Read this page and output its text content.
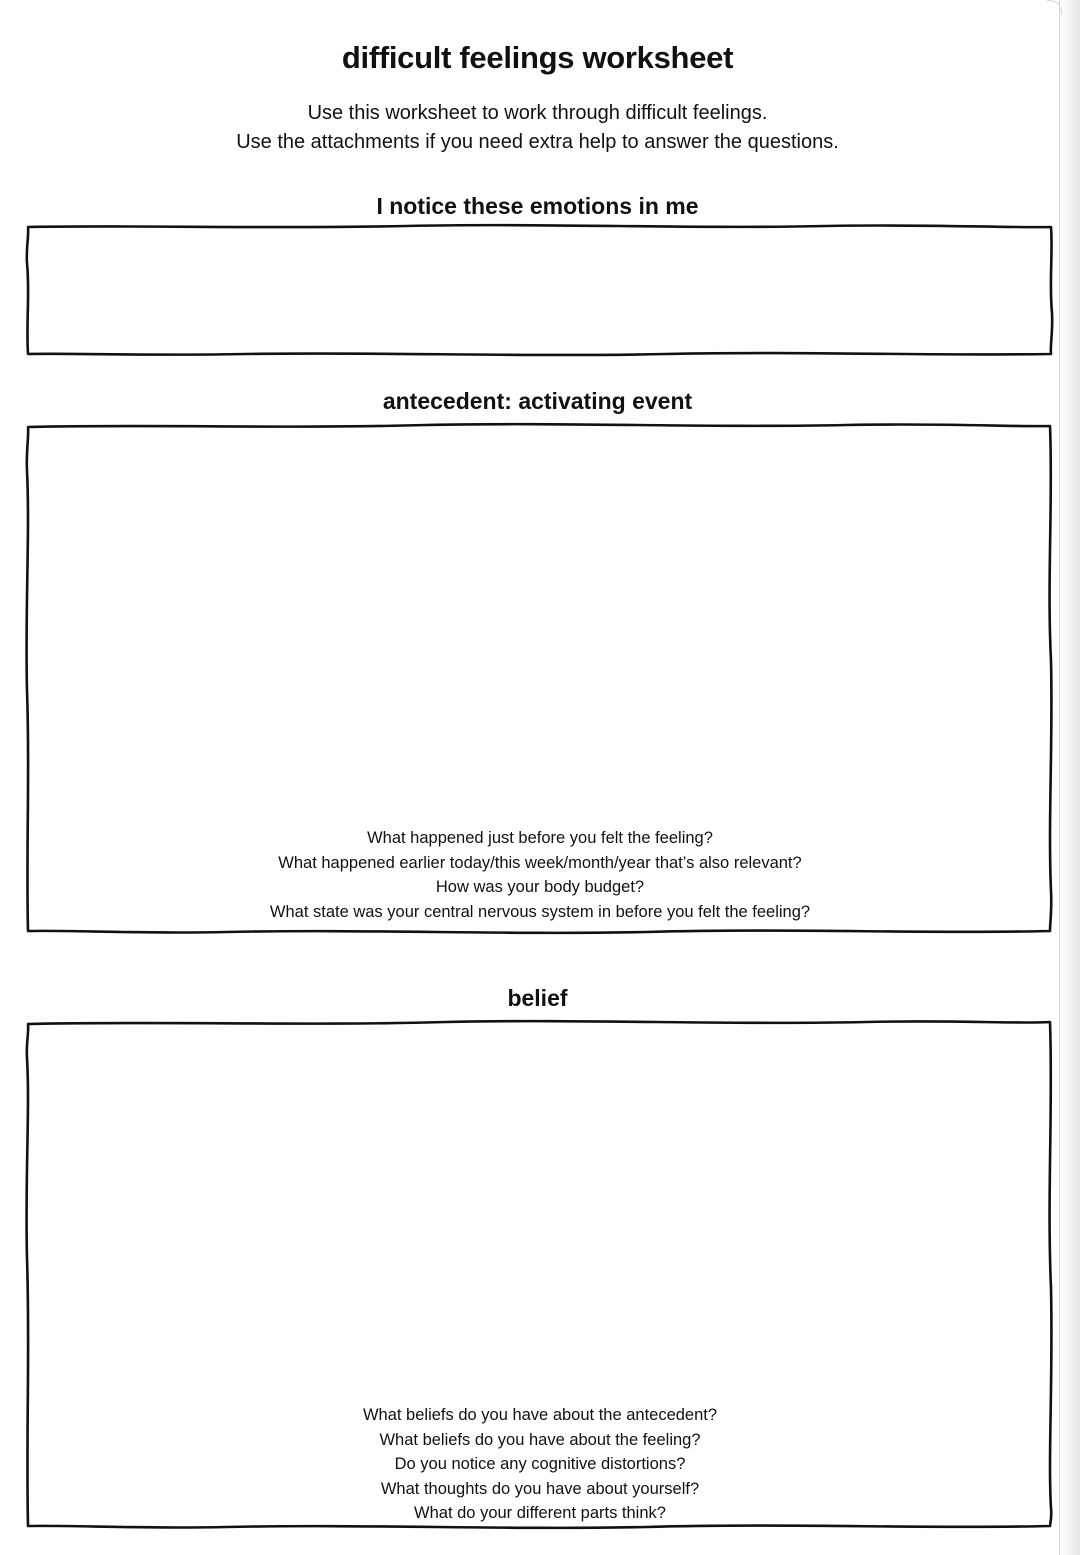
difficult feelings worksheet
Use this worksheet to work through difficult feelings.
Use the attachments if you need extra help to answer the questions.
I notice these emotions in me
antecedent: activating event
What happened just before you felt the feeling?
What happened earlier today/this week/month/year that’s also relevant?
How was your body budget?
What state was your central nervous system in before you felt the feeling?
belief
What beliefs do you have about the antecedent?
What beliefs do you have about the feeling?
Do you notice any cognitive distortions?
What thoughts do you have about yourself?
What do your different parts think?
